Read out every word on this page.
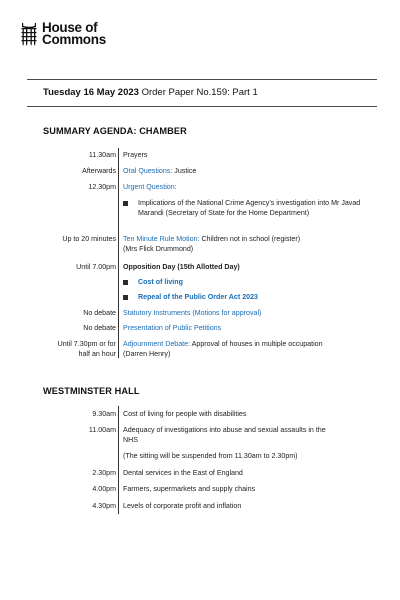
House of
Commons
Tuesday 16 May 2023 Order Paper No.159: Part 1
SUMMARY AGENDA: CHAMBER
11.30am Prayers
Afterwards Oral Questions: Justice
12.30pm Urgent Question:
Implications of the National Crime Agency’s investigation into Mr Javad Marandi (Secretary of State for the Home Department)
Up to 20 minutes Ten Minute Rule Motion: Children not in school (register)
(Mrs Flick Drummond)
Until 7.00pm Opposition Day (15th Allotted Day)
Cost of living
Repeal of the Public Order Act 2023
No debate Statutory Instruments (Motions for approval)
No debate Presentation of Public Petitions
Until 7.30pm or for
half an hour
Adjournment Debate: Approval of houses in multiple occupation
(Darren Henry)
WESTMINSTER HALL
9.30am Cost of living for people with disabilities
11.00am Adequacy of investigations into abuse and sexual assaults in the
NHS
(The sitting will be suspended from 11.30am to 2.30pm)
2.30pm Dental services in the East of England
4.00pm Farmers, supermarkets and supply chains
4.30pm Levels of corporate profit and inflation
